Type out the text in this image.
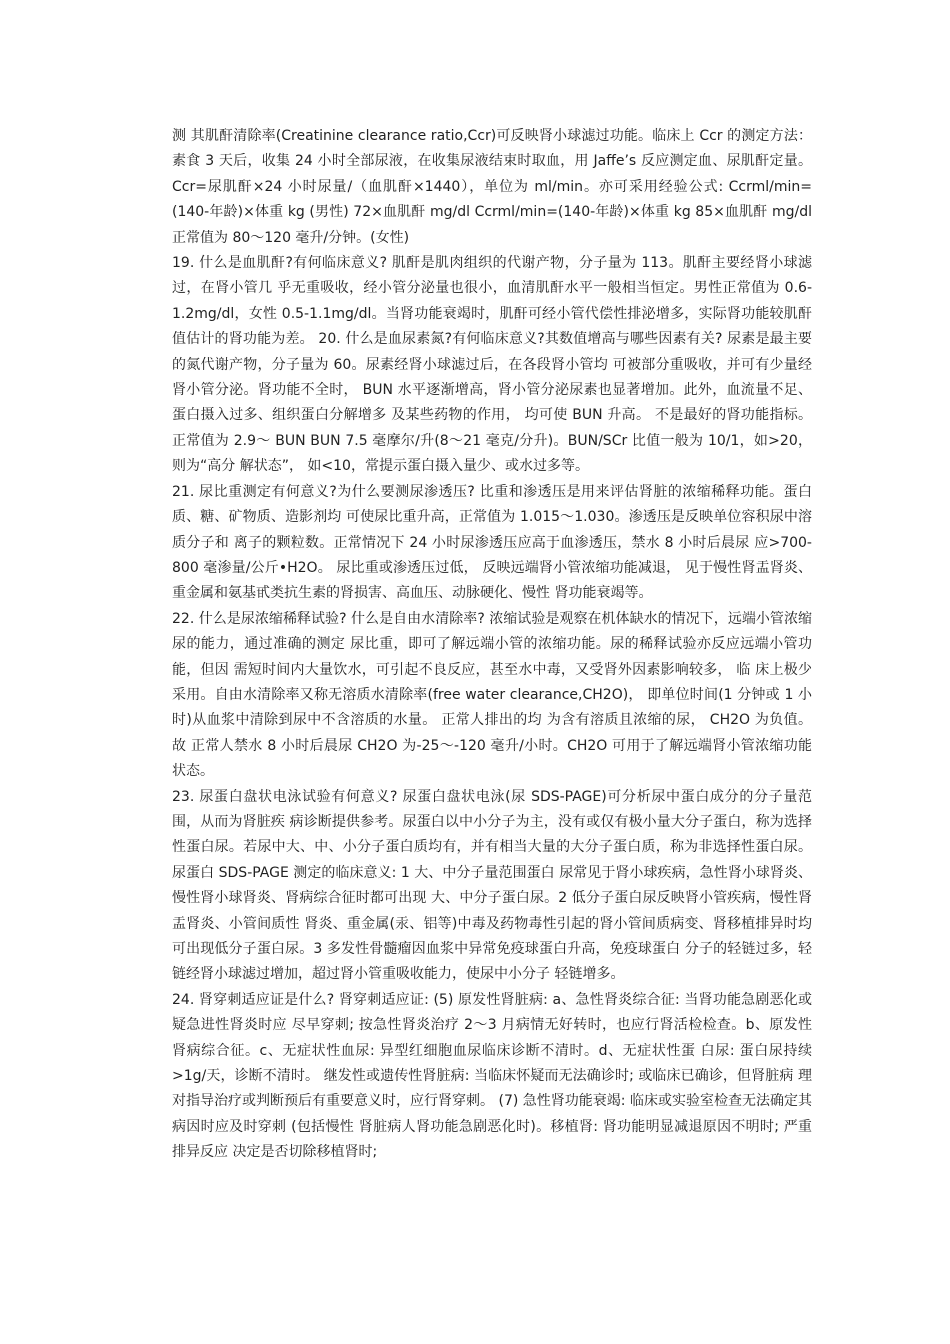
测 其肌酐清除率(Creatinine clearance ratio,Ccr)可反映肾小球滤过功能。临床上 Ccr 的测定方法：素食 3 天后，收集 24 小时全部尿液，在收集尿液结束时取血，用 Jaffe’s 反应测定血、尿肌酐定量。Ccr=尿肌酐×24 小时尿量/（血肌酐×1440），单位为 ml/min。亦可采用经验公式: Ccrml/min=(140-年龄)×体重 kg (男性) 72×血肌酐 mg/dl Ccrml/min=(140-年龄)×体重 kg 85×血肌酐 mg/dl 正常值为 80～120 毫升/分钟。(女性)

19. 什么是血肌酐?有何临床意义? 肌酐是肌肉组织的代谢产物，分子量为 113。肌酐主要经肾小球滤过，在肾小管几 乎无重吸收，经小管分泌量也很小，血清肌酐水平一般相当恒定。男性正常值为 0.6-1.2mg/dl，女性 0.5-1.1mg/dl。当肾功能衰竭时，肌酐可经小管代偿性排泌增多，实际肾功能较肌酐值估计的肾功能为差。 20. 什么是血尿素氮?有何临床意义?其数值增高与哪些因素有关? 尿素是最主要的氮代谢产物，分子量为 60。尿素经肾小球滤过后，在各段肾小管均 可被部分重吸收，并可有少量经肾小管分泌。肾功能不全时， BUN 水平逐渐增高，肾小管分泌尿素也显著增加。此外，血流量不足、蛋白摄入过多、组织蛋白分解增多 及某些药物的作用， 均可使 BUN 升高。 不是最好的肾功能指标。 正常值为 2.9～ BUN BUN 7.5 毫摩尔/升(8～21 毫克/分升)。BUN/SCr 比值一般为 10/1，如>20，则为“高分 解状态”， 如<10，常提示蛋白摄入量少、或水过多等。

21. 尿比重测定有何意义?为什么要测尿渗透压? 比重和渗透压是用来评估肾脏的浓缩稀释功能。蛋白质、糖、矿物质、造影剂均 可使尿比重升高，正常值为 1.015～1.030。渗透压是反映单位容积尿中溶质分子和 离子的颗粒数。正常情况下 24 小时尿渗透压应高于血渗透压，禁水 8 小时后晨尿 应>700-800 毫渗量/公斤•H2O。 尿比重或渗透压过低， 反映远端肾小管浓缩功能减退， 见于慢性肾盂肾炎、重金属和氨基甙类抗生素的肾损害、高血压、动脉硬化、慢性 肾功能衰竭等。

22. 什么是尿浓缩稀释试验? 什么是自由水清除率? 浓缩试验是观察在机体缺水的情况下，远端小管浓缩尿的能力，通过准确的测定 尿比重，即可了解远端小管的浓缩功能。尿的稀释试验亦反应远端小管功能，但因 需短时间内大量饮水，可引起不良反应，甚至水中毒，又受肾外因素影响较多， 临 床上极少采用。自由水清除率又称无溶质水清除率(free water clearance,CH2O)， 即单位时间(1 分钟或 1 小时)从血浆中清除到尿中不含溶质的水量。 正常人排出的均 为含有溶质且浓缩的尿， CH2O 为负值。 故 正常人禁水 8 小时后晨尿 CH2O 为-25～-120 毫升/小时。CH2O 可用于了解远端肾小管浓缩功能状态。

23. 尿蛋白盘状电泳试验有何意义? 尿蛋白盘状电泳(尿 SDS-PAGE)可分析尿中蛋白成分的分子量范围，从而为肾脏疾 病诊断提供参考。尿蛋白以中小分子为主，没有或仅有极小量大分子蛋白，称为选择性蛋白尿。若尿中大、中、小分子蛋白质均有，并有相当大量的大分子蛋白质，称为非选择性蛋白尿。尿蛋白 SDS-PAGE 测定的临床意义: 1 大、中分子量范围蛋白 尿常见于肾小球疾病，急性肾小球肾炎、慢性肾小球肾炎、肾病综合征时都可出现 大、中分子蛋白尿。2 低分子蛋白尿反映肾小管疾病，慢性肾盂肾炎、小管间质性 肾炎、重金属(汞、铝等)中毒及药物毒性引起的肾小管间质病变、肾移植排异时均 可出现低分子蛋白尿。3 多发性骨髓瘤因血浆中异常免疫球蛋白升高，免疫球蛋白 分子的轻链过多，轻链经肾小球滤过增加，超过肾小管重吸收能力，使尿中小分子 轻链增多。

24. 肾穿刺适应证是什么? 肾穿刺适应证: (5) 原发性肾脏病: a、急性肾炎综合征: 当肾功能急剧恶化或疑急进性肾炎时应 尽早穿刺; 按急性肾炎治疗 2～3 月病情无好转时，也应行肾活检检查。b、原发性 肾病综合征。c、无症状性血尿: 异型红细胞血尿临床诊断不清时。d、无症状性蛋 白尿: 蛋白尿持续>1g/天，诊断不清时。 继发性或遗传性肾脏病: 当临床怀疑而无法确诊时; 或临床已确诊，但肾脏病 理对指导治疗或判断预后有重要意义时，应行肾穿刺。 (7) 急性肾功能衰竭: 临床或实验室检查无法确定其病因时应及时穿刺 (包括慢性 肾脏病人肾功能急剧恶化时)。移植肾: 肾功能明显减退原因不明时; 严重排异反应 决定是否切除移植肾时;
